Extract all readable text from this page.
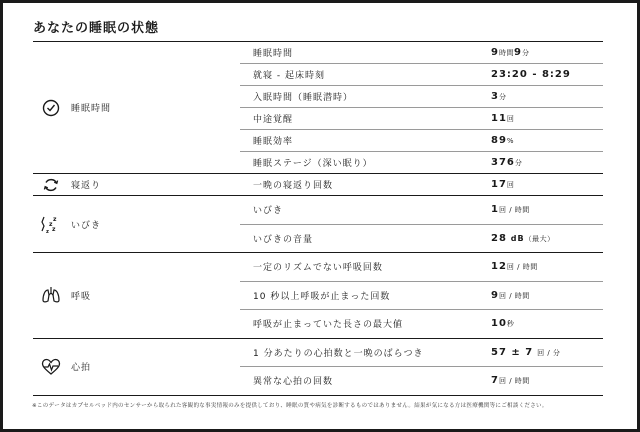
あなたの睡眠の状態
睡眠時間
睡眠時間	9時間9分
就寝 - 起床時刻	23:20 - 8:29
入眠時間（睡眠潜時）	3分
中途覚醒	11回
睡眠効率	89%
睡眠ステージ（深い眠り）	376分
寝返り	一晩の寝返り回数	17回
z
z
z
z
いびき
いびき	1回 / 時間
いびきの音量	28 dB（最大）
呼吸
一定のリズムでない呼吸回数	12回 / 時間
10 秒以上呼吸が止まった回数	9回 / 時間
呼吸が止まっていた長さの最大値	10秒
心拍
1 分あたりの心拍数と一晩のばらつき	57 ± 7 回 / 分
異常な心拍の回数	7回 / 時間
※このデータはカプセルベッド内のセンサーから取られた客観的な事実情報のみを提供しており、睡眠の質や病気を診断するものではありません。結果が気になる方は医療機関等にご相談ください。
